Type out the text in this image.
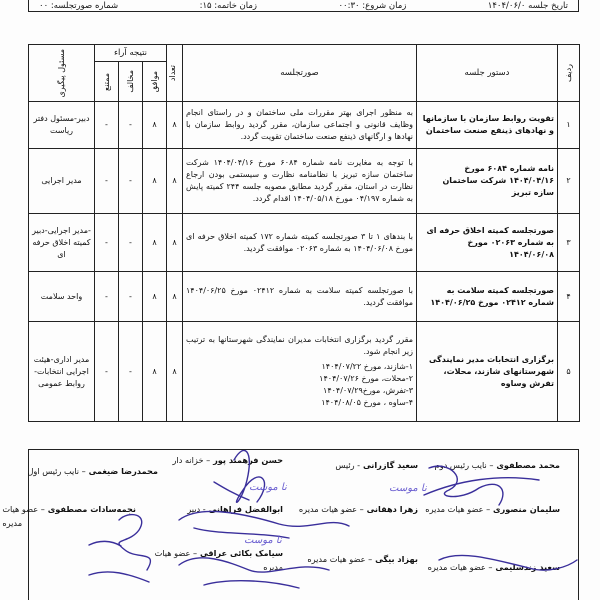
تاریخ جلسه ۱۴۰۴/۰۶/۰
زمان شروع: ۰۰:۳۰
زمان خاتمه: ۱۵:
شماره صورتجلسه: ۰۰
ردیف	دستور جلسه	صورتجلسه	تعداد	نتیجه آراء			مسئول پیگیری

				موافق	مخالف	ممتنع	

۱	تقویت روابط سازمان با سازمانها و نهادهای ذینفع صنعت ساختمان	به منظور اجرای بهتر مقررات ملی ساختمان و در راستای انجام وظایف قانونی و اجتماعی سازمان، مقرر گردید روابط سازمان با نهادها و ارگانهای ذینفع صنعت ساختمان تقویت گردد.	۸	۸	-	-	دبیر-مسئول دفتر ریاست
۲	نامه شماره ۶۰۸۴ مورخ ۱۴۰۴/۰۴/۱۶ شرکت ساختمان سازه تبریز	با توجه به مغایرت نامه شماره ۶۰۸۴ مورخ ۱۴۰۴/۰۴/۱۶ شرکت ساختمان سازه تبریز با نظامنامه نظارت و سیستمی بودن ارجاع نظارت در استان، مقرر گردید مطابق مصوبه جلسه ۲۴۴ کمیته پایش به شماره ۰۴/۱۹۷ مورخ ۱۴۰۴/۰۵/۱۸ اقدام گردد.	۸	۸	-	-	مدیر اجرایی
۳	صورتجلسه کمیته اخلاق حرفه ای به شماره ۰۲۰۶۳ مورخ ۱۴۰۴/۰۶/۰۸	با بندهای ۱ تا ۳ صورتجلسه کمیته شماره ۱۷۲ کمیته اخلاق حرفه ای مورخ ۱۴۰۴/۰۶/۰۸ به شماره ۰۲۰۶۳ موافقت گردید.	۸	۸	-	-	-مدیر اجرایی-دبیر کمیته اخلاق حرفه ای
۴	صورتجلسه کمیته سلامت به شماره ۰۲۴۱۲ مورخ ۱۴۰۴/۰۶/۲۵	با صورتجلسه کمیته سلامت به شماره ۰۲۴۱۲ مورخ ۱۴۰۴/۰۶/۲۵ موافقت گردید.	۸	۸	-	-	واحد سلامت
۵	برگزاری انتخابات مدیر نمایندگی شهرستانهای شازند، محلات، تفرش وساوه	مقرر گردید برگزاری انتخابات مدیران نمایندگی شهرستانها به ترتیب زیر انجام شود.
۱-شازند، مورخ ۱۴۰۴/۰۷/۲۲
۲-محلات، مورخ ۱۴۰۴/۰۷/۲۶
۳-تفرش، مورخ۱۴۰۴/۰۷/۲۹
۴-ساوه ، مورخ ۱۴۰۴/۰۸/۰۵	۸	۸	-	-	مدیر اداری-هیئت اجرایی انتخابات-روابط عمومی
محمد مصطفوی – نایب رئیس دوم
سعید گازرانی - رئیس
حسن فرهمند پور – خزانه دار
محمدرضا ضیغمی – نایب رئیس اول
سلیمان منصوری – عضو هیات مدیره
زهرا دهقانی – عضو هیات مدیره
ابوالفضل فراهانی - دبیر
نجمه‌سادات مصطفوی – عضو هیات
مدیره
سعید زندسلیمی – عضو هیات مدیره
بهزاد بیگی – عضو هیات مدیره
سیامک بکائی عراقی – عضو هیات
مدیره
نا موست
نا موست
نا موست
